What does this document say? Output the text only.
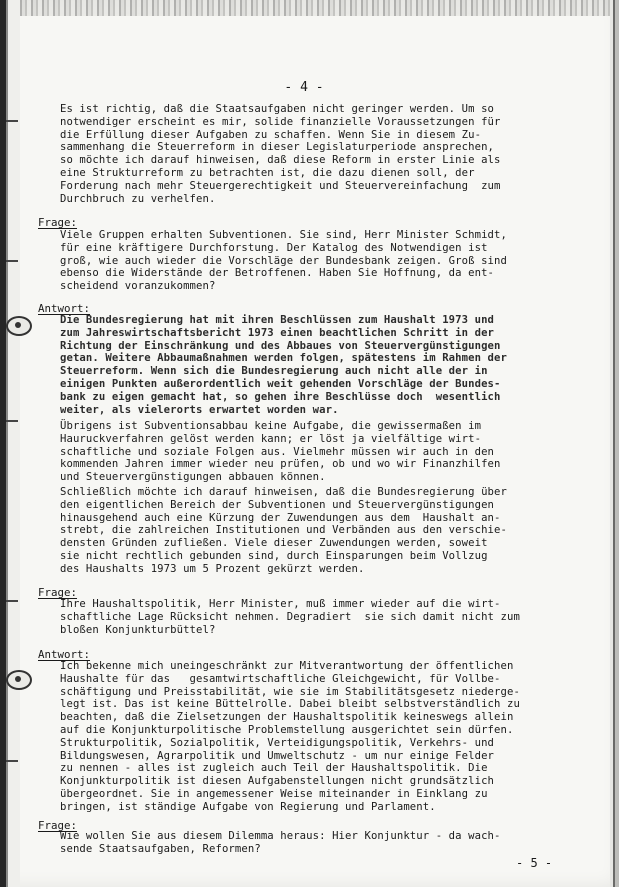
- 4 -
Es ist richtig, daß die Staatsaufgaben nicht geringer werden. Um so
notwendiger erscheint es mir, solide finanzielle Voraussetzungen für
die Erfüllung dieser Aufgaben zu schaffen. Wenn Sie in diesem Zu-
sammenhang die Steuerreform in dieser Legislaturperiode ansprechen,
so möchte ich darauf hinweisen, daß diese Reform in erster Linie als
eine Strukturreform zu betrachten ist, die dazu dienen soll, der
Forderung nach mehr Steuergerechtigkeit und Steuervereinfachung  zum
Durchbruch zu verhelfen.
Frage:
Viele Gruppen erhalten Subventionen. Sie sind, Herr Minister Schmidt,
für eine kräftigere Durchforstung. Der Katalog des Notwendigen ist
groß, wie auch wieder die Vorschläge der Bundesbank zeigen. Groß sind
ebenso die Widerstände der Betroffenen. Haben Sie Hoffnung, da ent-
scheidend voranzukommen?
Antwort:
Die Bundesregierung hat mit ihren Beschlüssen zum Haushalt 1973 und
zum Jahreswirtschaftsbericht 1973 einen beachtlichen Schritt in der
Richtung der Einschränkung und des Abbaues von Steuervergünstigungen
getan. Weitere Abbaumaßnahmen werden folgen, spätestens im Rahmen der
Steuerreform. Wenn sich die Bundesregierung auch nicht alle der in
einigen Punkten außerordentlich weit gehenden Vorschläge der Bundes-
bank zu eigen gemacht hat, so gehen ihre Beschlüsse doch  wesentlich
weiter, als vielerorts erwartet worden war.
Übrigens ist Subventionsabbau keine Aufgabe, die gewissermaßen im
Hauruckverfahren gelöst werden kann; er löst ja vielfältige wirt-
schaftliche und soziale Folgen aus. Vielmehr müssen wir auch in den
kommenden Jahren immer wieder neu prüfen, ob und wo wir Finanzhilfen
und Steuervergünstigungen abbauen können.
Schließlich möchte ich darauf hinweisen, daß die Bundesregierung über
den eigentlichen Bereich der Subventionen und Steuervergünstigungen
hinausgehend auch eine Kürzung der Zuwendungen aus dem  Haushalt an-
strebt, die zahlreichen Institutionen und Verbänden aus den verschie-
densten Gründen zufließen. Viele dieser Zuwendungen werden, soweit
sie nicht rechtlich gebunden sind, durch Einsparungen beim Vollzug
des Haushalts 1973 um 5 Prozent gekürzt werden.
Frage:
Ihre Haushaltspolitik, Herr Minister, muß immer wieder auf die wirt-
schaftliche Lage Rücksicht nehmen. Degradiert  sie sich damit nicht zum
bloßen Konjunkturbüttel?
Antwort:
Ich bekenne mich uneingeschränkt zur Mitverantwortung der öffentlichen
Haushalte für das   gesamtwirtschaftliche Gleichgewicht, für Vollbe-
schäftigung und Preisstabilität, wie sie im Stabilitätsgesetz niederge-
legt ist. Das ist keine Büttelrolle. Dabei bleibt selbstverständlich zu
beachten, daß die Zielsetzungen der Haushaltspolitik keineswegs allein
auf die Konjunkturpolitische Problemstellung ausgerichtet sein dürfen.
Strukturpolitik, Sozialpolitik, Verteidigungspolitik, Verkehrs- und
Bildungswesen, Agrarpolitik und Umweltschutz - um nur einige Felder
zu nennen - alles ist zugleich auch Teil der Haushaltspolitik. Die
Konjunkturpolitik ist diesen Aufgabenstellungen nicht grundsätzlich
übergeordnet. Sie in angemessener Weise miteinander in Einklang zu
bringen, ist ständige Aufgabe von Regierung und Parlament.
Frage:
Wie wollen Sie aus diesem Dilemma heraus: Hier Konjunktur - da wach-
sende Staatsaufgaben, Reformen?
- 5 -
